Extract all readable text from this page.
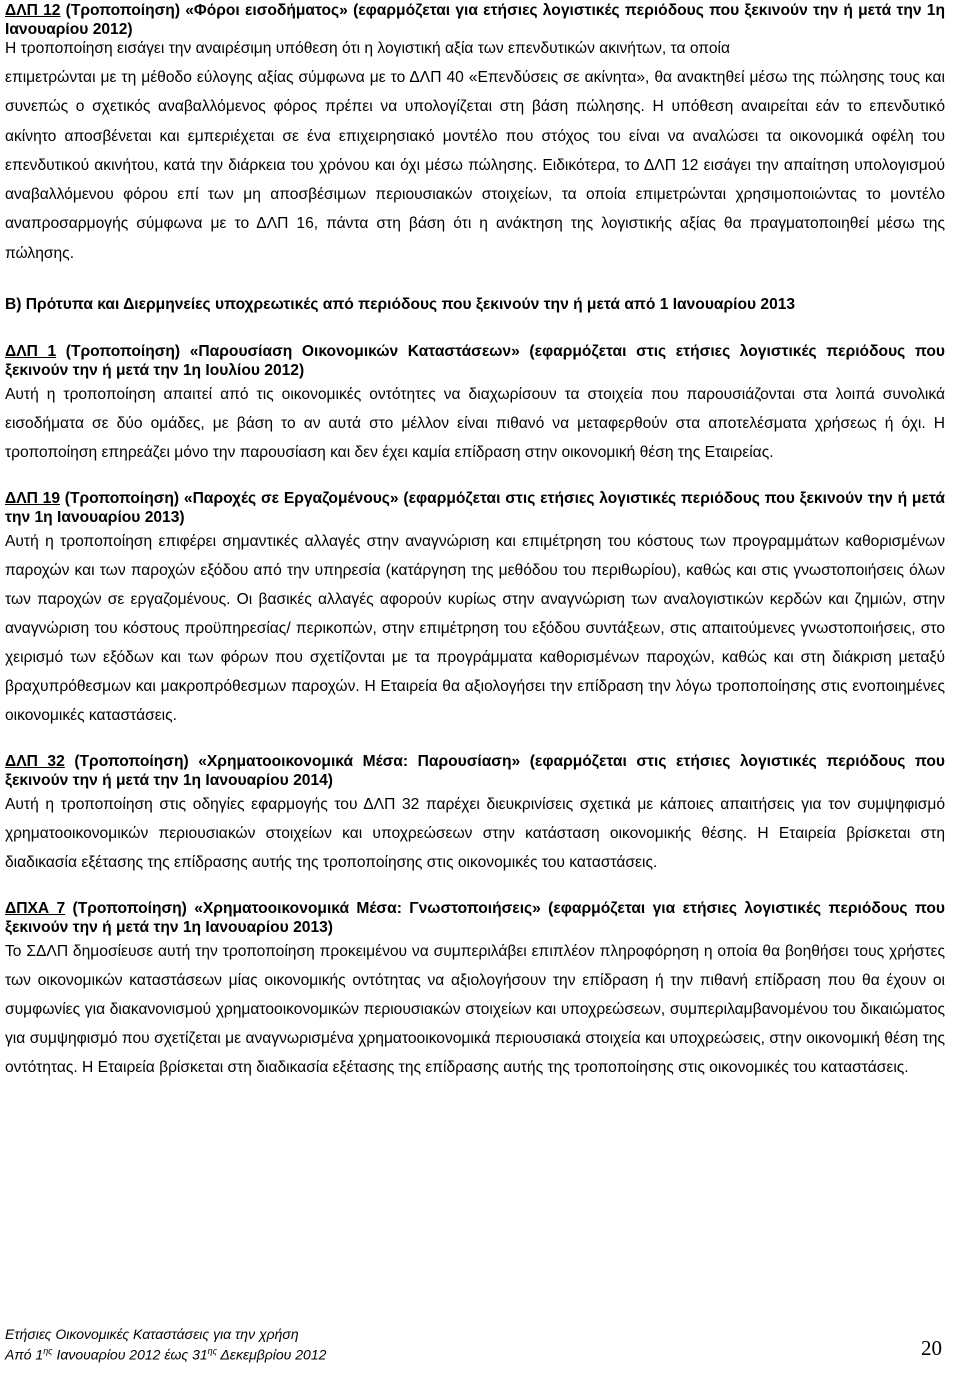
ΔΛΠ 12 (Τροποποίηση) «Φόροι εισοδήματος» (εφαρμόζεται για ετήσιες λογιστικές περιόδους που ξεκινούν την ή μετά την 1η Ιανουαρίου 2012)
Η τροποποίηση εισάγει την αναιρέσιμη υπόθεση ότι η λογιστική αξία των επενδυτικών ακινήτων, τα οποία

επιμετρώνται με τη μέθοδο εύλογης αξίας σύμφωνα με το ΔΛΠ 40 «Επενδύσεις σε ακίνητα», θα ανακτηθεί μέσω της πώλησης τους και συνεπώς ο σχετικός αναβαλλόμενος φόρος πρέπει να υπολογίζεται στη βάση πώλησης. Η υπόθεση αναιρείται εάν το επενδυτικό ακίνητο αποσβένεται και εμπεριέχεται σε ένα επιχειρησιακό μοντέλο που στόχος του είναι να αναλώσει τα οικονομικά οφέλη του επενδυτικού ακινήτου, κατά την διάρκεια του χρόνου και όχι μέσω πώλησης. Ειδικότερα, το ΔΛΠ 12 εισάγει την απαίτηση υπολογισμού αναβαλλόμενου φόρου επί των μη αποσβέσιμων περιουσιακών στοιχείων, τα οποία επιμετρώνται χρησιμοποιώντας το μοντέλο αναπροσαρμογής σύμφωνα με το ΔΛΠ 16, πάντα στη βάση ότι η ανάκτηση της λογιστικής αξίας θα πραγματοποιηθεί μέσω της πώλησης.

Β) Πρότυπα και Διερμηνείες υποχρεωτικές από περιόδους που ξεκινούν την ή μετά από 1 Ιανουαρίου 2013
ΔΛΠ 1 (Τροποποίηση) «Παρουσίαση Οικονομικών Καταστάσεων» (εφαρμόζεται στις ετήσιες λογιστικές περιόδους που ξεκινούν την ή μετά την 1η Ιουλίου 2012)

Αυτή η τροποποίηση απαιτεί από τις οικονομικές οντότητες να διαχωρίσουν τα στοιχεία που παρουσιάζονται στα λοιπά συνολικά εισοδήματα σε δύο ομάδες, με βάση το αν αυτά στο μέλλον είναι πιθανό να μεταφερθούν στα αποτελέσματα χρήσεως ή όχι. Η τροποποίηση επηρεάζει μόνο την παρουσίαση και δεν έχει καμία επίδραση στην οικονομική θέση της Εταιρείας.

ΔΛΠ 19 (Τροποποίηση) «Παροχές σε Εργαζομένους» (εφαρμόζεται στις ετήσιες λογιστικές περιόδους που ξεκινούν την ή μετά την 1η Ιανουαρίου 2013)

Αυτή η τροποποίηση επιφέρει σημαντικές αλλαγές στην αναγνώριση και επιμέτρηση του κόστους των προγραμμάτων καθορισμένων παροχών και των παροχών εξόδου από την υπηρεσία (κατάργηση της μεθόδου του περιθωρίου), καθώς και στις γνωστοποιήσεις όλων των παροχών σε εργαζομένους. Οι βασικές αλλαγές αφορούν κυρίως στην αναγνώριση των αναλογιστικών κερδών και ζημιών, στην αναγνώριση του κόστους προϋπηρεσίας/ περικοπών, στην επιμέτρηση του εξόδου συντάξεων, στις απαιτούμενες γνωστοποιήσεις, στο χειρισμό των εξόδων και των φόρων που σχετίζονται με τα προγράμματα καθορισμένων παροχών, καθώς και στη διάκριση μεταξύ βραχυπρόθεσμων και μακροπρόθεσμων παροχών. Η Εταιρεία θα αξιολογήσει την επίδραση την λόγω τροποποίησης στις ενοποιημένες οικονομικές καταστάσεις.

ΔΛΠ 32 (Τροποποίηση) «Χρηματοοικονομικά Μέσα: Παρουσίαση» (εφαρμόζεται στις ετήσιες λογιστικές περιόδους που ξεκινούν την ή μετά την 1η Ιανουαρίου 2014)

Αυτή η τροποποίηση στις οδηγίες εφαρμογής του ΔΛΠ 32 παρέχει διευκρινίσεις σχετικά με κάποιες απαιτήσεις για τον συμψηφισμό χρηματοοικονομικών περιουσιακών στοιχείων και υποχρεώσεων στην κατάσταση οικονομικής θέσης. Η Εταιρεία βρίσκεται στη διαδικασία εξέτασης της επίδρασης αυτής της τροποποίησης στις οικονομικές του καταστάσεις.

ΔΠΧΑ 7 (Τροποποίηση) «Χρηματοοικονομικά Μέσα: Γνωστοποιήσεις» (εφαρμόζεται για ετήσιες λογιστικές περιόδους που ξεκινούν την ή μετά την 1η Ιανουαρίου 2013)

Το ΣΔΛΠ δημοσίευσε αυτή την τροποποίηση προκειμένου να συμπεριλάβει επιπλέον πληροφόρηση η οποία θα βοηθήσει τους χρήστες των οικονομικών καταστάσεων μίας οικονομικής οντότητας να αξιολογήσουν την επίδραση ή την πιθανή επίδραση που θα έχουν οι συμφωνίες για διακανονισμού χρηματοοικονομικών περιουσιακών στοιχείων και υποχρεώσεων, συμπεριλαμβανομένου του δικαιώματος για συμψηφισμό που σχετίζεται με αναγνωρισμένα χρηματοοικονομικά περιουσιακά στοιχεία και υποχρεώσεις, στην οικονομική θέση της οντότητας. Η Εταιρεία βρίσκεται στη διαδικασία εξέτασης της επίδρασης αυτής της τροποποίησης στις οικονομικές του καταστάσεις.

Ετήσιες Οικονομικές Καταστάσεις για την χρήση
Από $1^{\eta\varsigma}$ Ιανουαρίου 2012 έως $31^{\eta\varsigma}$ Δεκεμβρίου 2012	20
